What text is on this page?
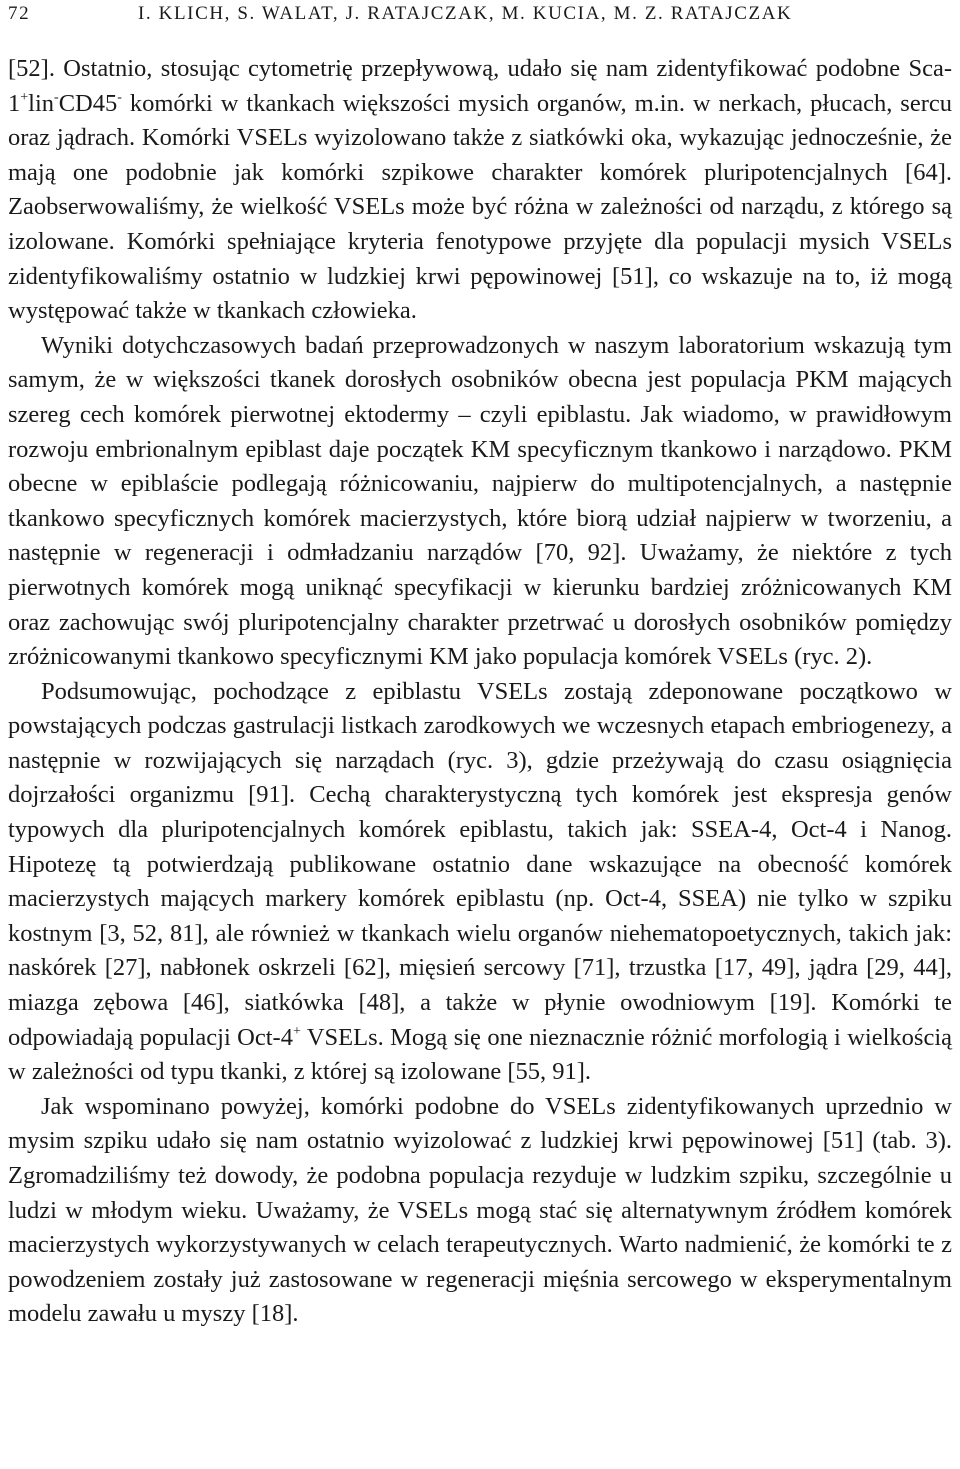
72	I. KLICH, S. WALAT, J. RATAJCZAK, M. KUCIA, M. Z. RATAJCZAK

[52]. Ostatnio, stosując cytometrię przepływową, udało się nam zidentyfikować podobne Sca-1+lin-CD45- komórki w tkankach większości mysich organów, m.in. w nerkach, płucach, sercu oraz jądrach. Komórki VSELs wyizolowano także z siatkówki oka, wykazując jednocześnie, że mają one podobnie jak komórki szpikowe charakter komórek pluripotencjalnych [64]. Zaobserwowaliśmy, że wielkość VSELs może być różna w zależności od narządu, z którego są izolowane. Komórki spełniające kryteria fenotypowe przyjęte dla populacji mysich VSELs zidentyfikowaliśmy ostatnio w ludzkiej krwi pępowinowej [51], co wskazuje na to, iż mogą występować także w tkankach człowieka.

Wyniki dotychczasowych badań przeprowadzonych w naszym laboratorium wskazują tym samym, że w większości tkanek dorosłych osobników obecna jest populacja PKM mających szereg cech komórek pierwotnej ektodermy – czyli epiblastu. Jak wiadomo, w prawidłowym rozwoju embrionalnym epiblast daje początek KM specyficznym tkankowo i narządowo. PKM obecne w epiblaście podlegają różnicowaniu, najpierw do multipotencjalnych, a następnie tkankowo specyficznych komórek macierzystych, które biorą udział najpierw w tworzeniu, a następnie w regeneracji i odmładzaniu narządów [70, 92]. Uważamy, że niektóre z tych pierwotnych komórek mogą uniknąć specyfikacji w kierunku bardziej zróżnicowanych KM oraz zachowując swój pluripotencjalny charakter przetrwać u dorosłych osobników pomiędzy zróżnicowanymi tkankowo specyficznymi KM jako populacja komórek VSELs (ryc. 2).

Podsumowując, pochodzące z epiblastu VSELs zostają zdeponowane początkowo w powstających podczas gastrulacji listkach zarodkowych we wczesnych etapach embriogenezy, a następnie w rozwijających się narządach (ryc. 3), gdzie przeżywają do czasu osiągnięcia dojrzałości organizmu [91]. Cechą charakterystyczną tych komórek jest ekspresja genów typowych dla pluripotencjalnych komórek epiblastu, takich jak: SSEA-4, Oct-4 i Nanog. Hipotezę tą potwierdzają publikowane ostatnio dane wskazujące na obecność komórek macierzystych mających markery komórek epiblastu (np. Oct-4, SSEA) nie tylko w szpiku kostnym [3, 52, 81], ale również w tkankach wielu organów niehematopoetycznych, takich jak: naskórek [27], nabłonek oskrzeli [62], mięsień sercowy [71], trzustka [17, 49], jądra [29, 44], miazga zębowa [46], siatkówka [48], a także w płynie owodniowym [19]. Komórki te odpowiadają populacji Oct-4+ VSELs. Mogą się one nieznacznie różnić morfologią i wielkością w zależności od typu tkanki, z której są izolowane [55, 91].

Jak wspominano powyżej, komórki podobne do VSELs zidentyfikowanych uprzednio w mysim szpiku udało się nam ostatnio wyizolować z ludzkiej krwi pępowinowej [51] (tab. 3). Zgromadziliśmy też dowody, że podobna populacja rezyduje w ludzkim szpiku, szczególnie u ludzi w młodym wieku. Uważamy, że VSELs mogą stać się alternatywnym źródłem komórek macierzystych wykorzystywanych w celach terapeutycznych. Warto nadmienić, że komórki te z powodzeniem zostały już zastosowane w regeneracji mięśnia sercowego w eksperymentalnym modelu zawału u myszy [18].
